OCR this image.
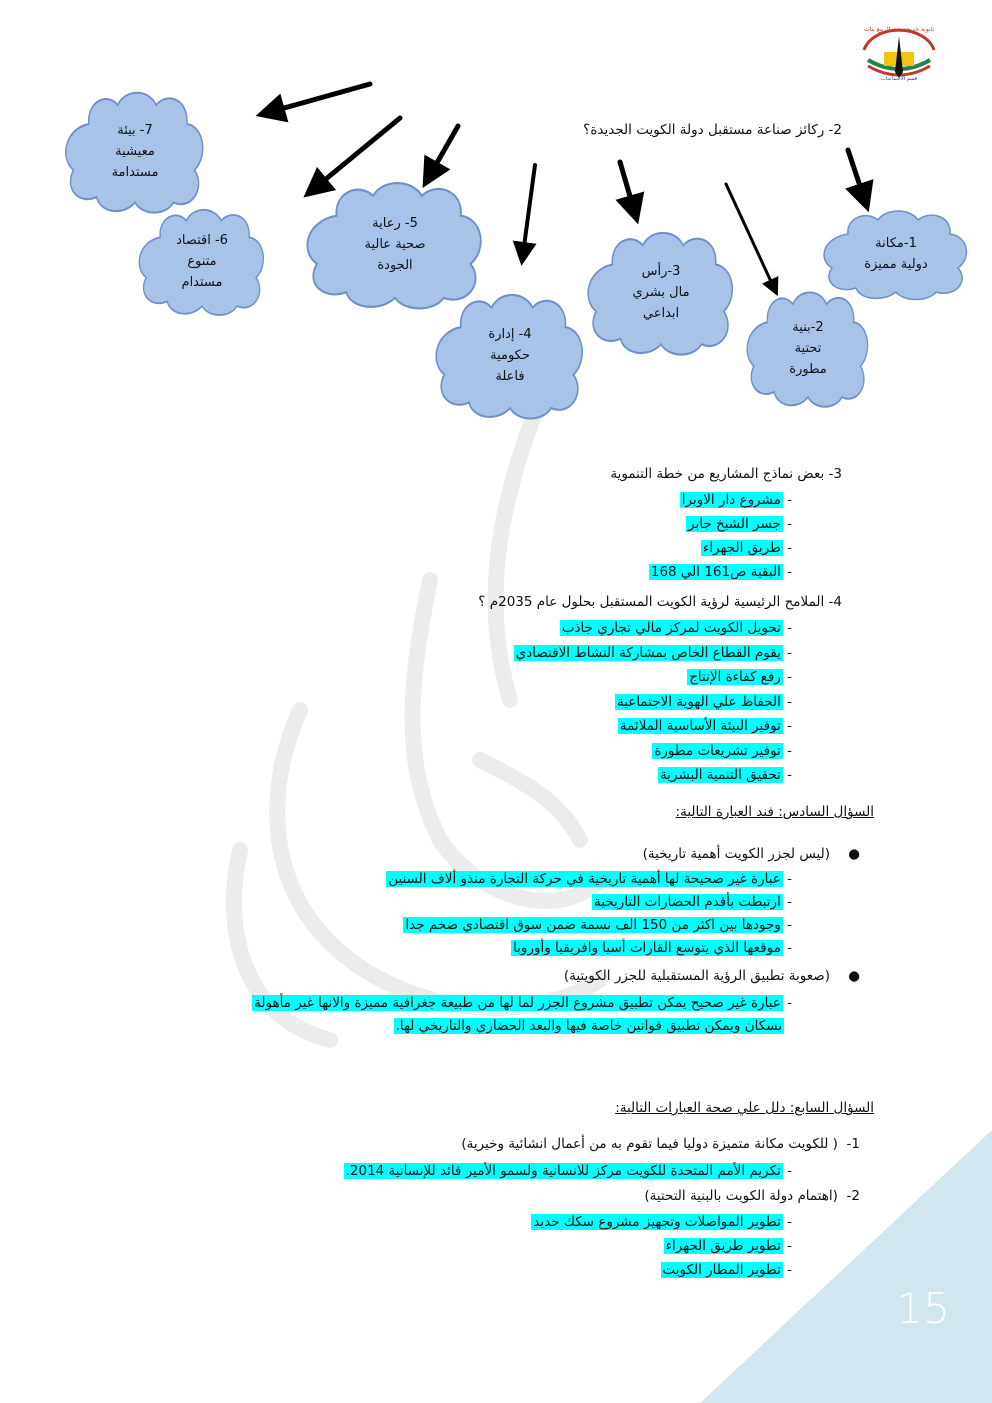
ثانوية خديجة بنت الربيع بنات
قسم الاجتماعيات
2- ركائز صناعة مستقبل دولة الكويت الجديدة؟
1-مكانة
دولية مميزة
2-بنية
تحتية
مطورة
3-رأس
مال بشري
ابداعي
4- إدارة
حكومية
فاعلة
5- رعاية
صحية عالية
الجودة
6- اقتصاد
متنوع
مستدام
7- بيئة
معيشية
مستدامة
3- بعض نماذج المشاريع من خطة التنموية
- مشروع دار الاوبرا
- جسر الشيخ جابر
- طريق الجهراء
- البقية ص161 الي 168
4- الملامح الرئيسية لرؤية الكويت المستقبل بحلول عام 2035م ؟
- تحويل الكويت لمركز مالي تجاري جاذب
- يقوم القطاع الخاص بمشاركة النشاط الاقتصادي
- رفع كفاءة الإنتاج
- الحفاظ علي الهوية الاجتماعية
- توفير البيئة الأساسية الملائمة
- توفير تشريعات مطورة
- تحقيق التنمية البشرية
السؤال السادس: فند العبارة التالية:
●
(ليس لجزر الكويت أهمية تاريخية)
- عبارة غير صحيحة لها أهمية تاريخية في حركة التجارة منذو ألاف السنين
- ارتبطت بأقدم الحضارات التاريخية
- وجودها بين اكثر من 150 الف نسمة ضمن سوق اقتصادي ضخم جدا
- موقعها الذي يتوسع القارات أسيا وافريقيا وأوروبا
●
(صعوبة تطبيق الرؤية المستقبلية للجزر الكويتية)
- عبارة غير صحيح يمكن تطبيق مشروع الجزر لما لها من طبيعة جغرافية مميزة والانها غير مأهولة
بسكان ويمكن تطبيق قوانين خاصة فيها والبعد الحضاري والتاريخي لها.
السؤال السابع: دلل علي صحة العبارات التالية:
1-  ( للكويت مكانة متميزة دوليا فيما تقوم به من أعمال انشائية وخيرية)
- تكريم الأمم المتحدة للكويت مركز للانسانية ولسمو الأمير قائد للإنسانية 2014.
2-  (اهتمام دولة الكويت بالبنية التحتية)
- تطوير المواصلات وتجهيز مشروع سكك حديد
- تطوير طريق الجهراء
- تطوير المطار الكويت
15
